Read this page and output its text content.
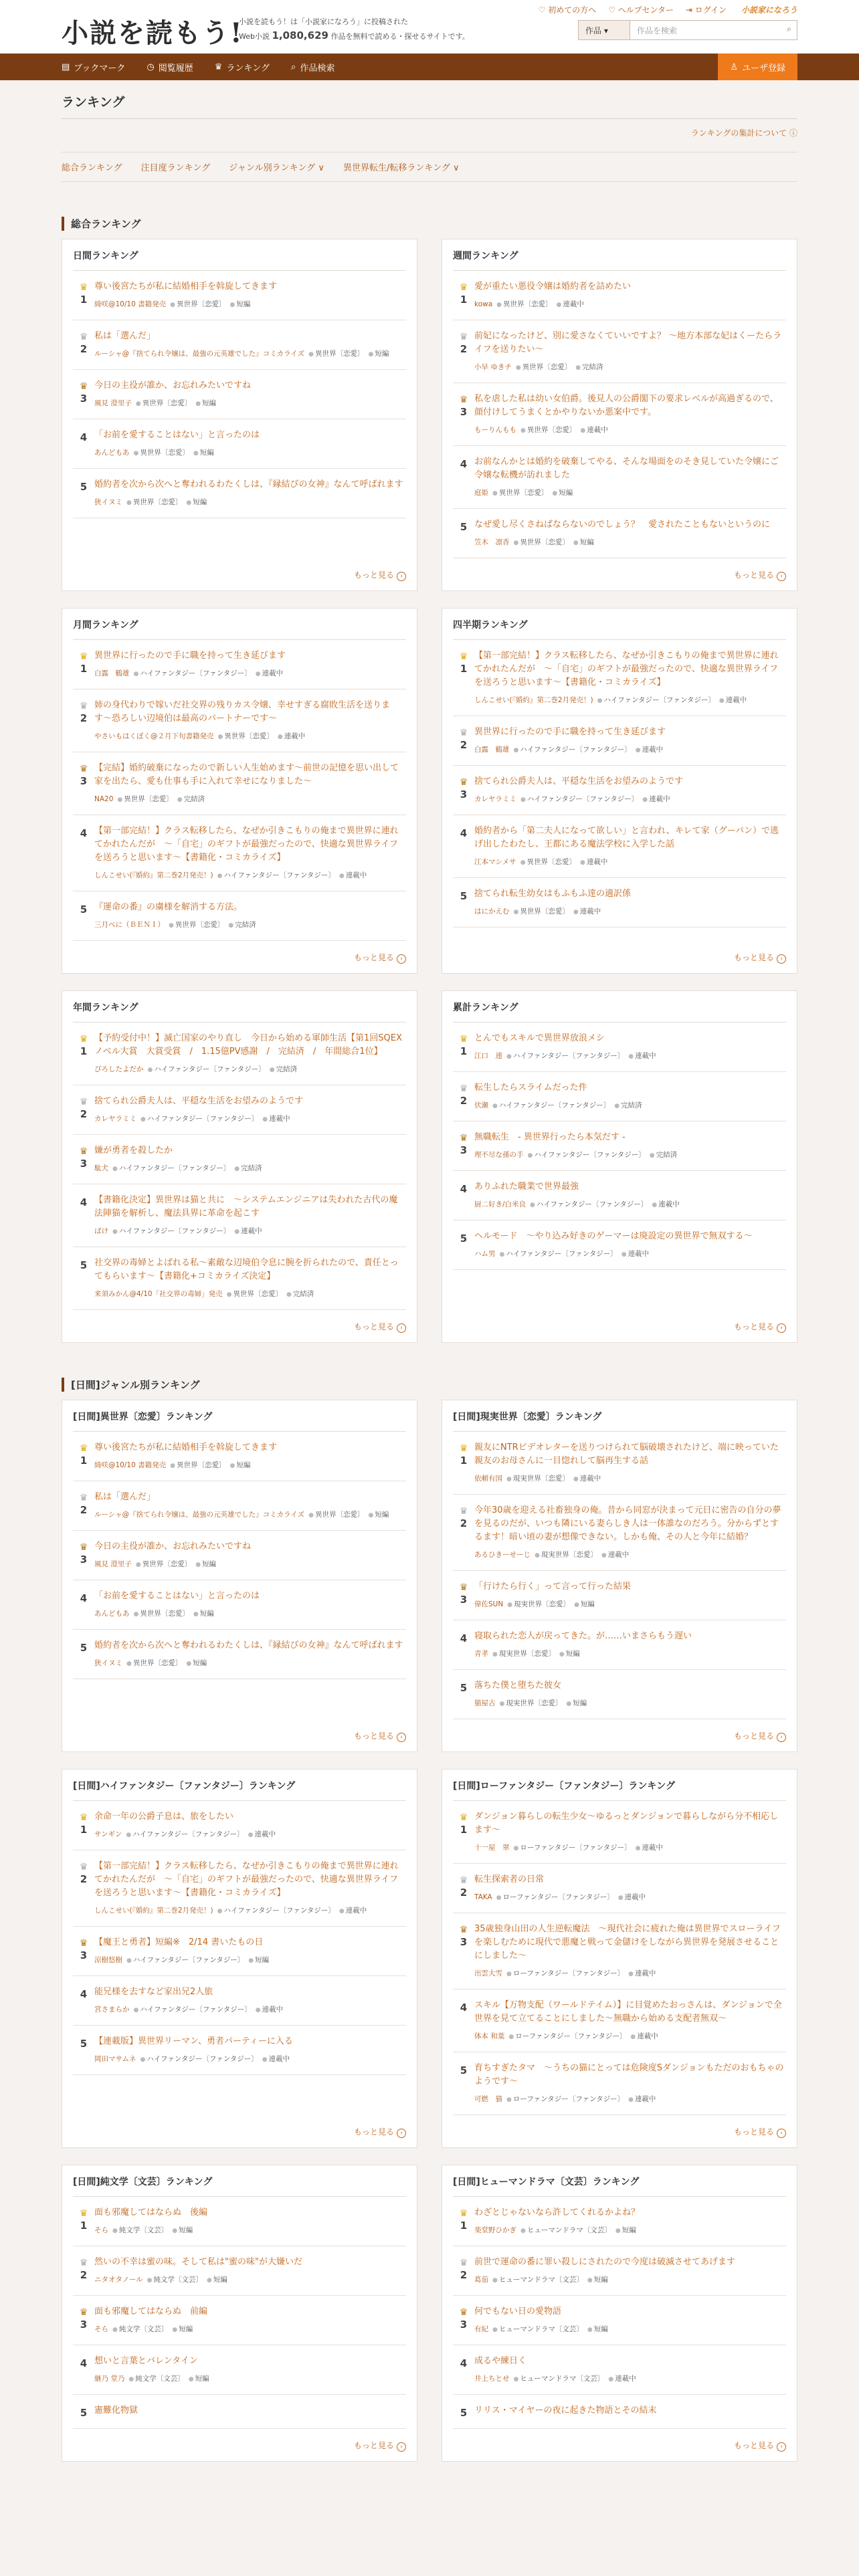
小説を読もう!
小説を読もう！は「小説家になろう」に投稿された
Web小説 1,080,629 作品を無料で読める・探せるサイトです。
♡ 初めての方へ ♡ ヘルプセンター ⇥ ログイン 小説家になろう
作品 ▾	作品を検索	⌕
▤ ブックマーク ◷ 閲覧履歴 ♛ ランキング ⌕ 作品検索	♙ ユーザ登録
ランキング
ランキングの集計について ⓘ
総合ランキング 注目度ランキング ジャンル別ランキング ∨ 異世界転生/転移ランキング ∨
総合ランキング
日間ランキング
♛
1
尊い後宮たちが私に結婚相手を斡旋してきます
綺咲@10/10 書籍発売 ● 異世界〔恋愛〕 ● 短編
♛
2
私は「選んだ」
ルーシャ@『捨てられ令嬢は、最強の元英雄でした』コミカライズ ● 異世界〔恋愛〕 ● 短編
♛
3
今日の主役が誰か、お忘れみたいですね
風見 澄里子 ● 異世界〔恋愛〕 ● 短編
4 「お前を愛することはない」と言ったのは
あんどもあ ● 異世界〔恋愛〕 ● 短編
5 婚約者を次から次へと奪われるわたくしは、『縁結びの女神』なんて呼ばれます
狭イヌミ ● 異世界〔恋愛〕 ● 短編
もっと見る ›
週間ランキング
♛
1
愛が重たい悪役令嬢は婚約者を詰めたい
kowa ● 異世界〔恋愛〕 ● 連載中
♛
2
前妃になったけど、別に愛さなくていいですよ？ 〜地方本部な妃はくーたらライフを送りたい〜
小早 ゆきチ ● 異世界〔恋愛〕 ● 完結済
♛
3
私を虐した私は幼い女伯爵。後見人の公爵閣下の要求レベルが高過ぎるので、顔付けしてうまくとかやりないか悪案中です。
もーりんもも ● 異世界〔恋愛〕 ● 連載中
4 お前なんかとは婚約を破棄してやる、そんな場面をのそき見していた令嬢にご令嬢な転機が訪れました
庭姫 ● 異世界〔恋愛〕 ● 短編
5 なぜ愛し尽くさねばならないのでしょう？　愛されたこともないというのに
笠木　凛香 ● 異世界〔恋愛〕 ● 短編
もっと見る ›
月間ランキング
♛
1
異世界に行ったので手に職を持って生き延びます
白露　鶴雄 ● ハイファンタジー〔ファンタジー〕 ● 連載中
♛
2
姉の身代わりで嫁いだ社交界の残りカス令嬢、幸せすぎる腐敗生活を送ります〜恐ろしい辺境伯は最高のパートナーです〜
やさいもはくぼく@２月下旬書籍発売 ● 異世界〔恋愛〕 ● 連載中
♛
3
【完結】婚約破棄になったので新しい人生始めます〜前世の記憶を思い出して家を出たら、愛も仕事も手に入れて幸せになりました〜
NA20 ● 異世界〔恋愛〕 ● 完結済
4 【第一部完結！】クラス転移したら、なぜか引きこもりの俺まで異世界に連れてかれたんだが　〜「自宅」のギフトが最強だったので、快適な異世界ライフを送ろうと思います〜【書籍化・コミカライズ】
しんこせい(『婚約』第二巻2月発売！) ● ハイファンタジー〔ファンタジー〕 ● 連載中
5 『運命の番』の虜様を解消する方法。
三月べに（ＢＥＮＩ） ● 異世界〔恋愛〕 ● 完結済
もっと見る ›
四半期ランキング
♛
1
【第一部完結！】クラス転移したら、なぜか引きこもりの俺まで異世界に連れてかれたんだが　〜「自宅」のギフトが最強だったので、快適な異世界ライフを送ろうと思います〜【書籍化・コミカライズ】
しんこせい(『婚約』第二巻2月発売！) ● ハイファンタジー〔ファンタジー〕 ● 連載中
♛
2
異世界に行ったので手に職を持って生き延びます
白露　鶴雄 ● ハイファンタジー〔ファンタジー〕 ● 連載中
♛
3
捨てられ公爵夫人は、平穏な生活をお望みのようです
カレヤラミミ ● ハイファンタジー〔ファンタジー〕 ● 連載中
4 婚約者から「第二夫人になって欲しい」と言われ、キレて家（グーパン）で逃げ出したわたし、王都にある魔法学校に入学した話
江本マシメサ ● 異世界〔恋愛〕 ● 連載中
5 捨てられ転生幼女はもふもふ達の適訳係
はにかえむ ● 異世界〔恋愛〕 ● 連載中
もっと見る ›
年間ランキング
♛
1
【予約受付中！】滅亡国家のやり直し　今日から始める軍師生活【第1回SQEXノベル大賞　大賞受賞　/　1.15億PV感謝　/　完結済　/　年間総合1位】
ぴろしたよだか ● ハイファンタジー〔ファンタジー〕 ● 完結済
♛
2
捨てられ公爵夫人は、平穏な生活をお望みのようです
カレヤラミミ ● ハイファンタジー〔ファンタジー〕 ● 連載中
♛
3
嫌が勇者を殺したか
駄犬 ● ハイファンタジー〔ファンタジー〕 ● 完結済
4 【書籍化決定】異世界は猫と共に　〜システムエンジニアは失われた古代の魔法陣猫を解析し、魔法具界に革命を起こす
ぱけ ● ハイファンタジー〔ファンタジー〕 ● 連載中
5 社交界の毒婦とよばれる私〜素敵な辺境伯令息に腕を折られたので、責任とってもらいます〜【書籍化+コミカライズ決定】
来須みかん@4/10「社交界の毒婦」発売 ● 異世界〔恋愛〕 ● 完結済
もっと見る ›
累計ランキング
♛
1
とんでもスキルで異世界放浪メシ
江口　連 ● ハイファンタジー〔ファンタジー〕 ● 連載中
♛
2
転生したらスライムだった件
伏瀬 ● ハイファンタジー〔ファンタジー〕 ● 完結済
♛
3
無職転生　- 異世界行ったら本気だす -
理不尽な孫の手 ● ハイファンタジー〔ファンタジー〕 ● 完結済
4 ありふれた職業で世界最強
厨二好き/白米良 ● ハイファンタジー〔ファンタジー〕 ● 連載中
5 ヘルモード　〜やり込み好きのゲーマーは廃設定の異世界で無双する〜
ハム男 ● ハイファンタジー〔ファンタジー〕 ● 連載中
もっと見る ›
[日間]ジャンル別ランキング
[日間]異世界〔恋愛〕ランキング
♛
1
尊い後宮たちが私に結婚相手を斡旋してきます
綺咲@10/10 書籍発売 ● 異世界〔恋愛〕 ● 短編
♛
2
私は「選んだ」
ルーシャ@『捨てられ令嬢は、最強の元英雄でした』コミカライズ ● 異世界〔恋愛〕 ● 短編
♛
3
今日の主役が誰か、お忘れみたいですね
風見 澄里子 ● 異世界〔恋愛〕 ● 短編
4 「お前を愛することはない」と言ったのは
あんどもあ ● 異世界〔恋愛〕 ● 短編
5 婚約者を次から次へと奪われるわたくしは、『縁結びの女神』なんて呼ばれます
狭イヌミ ● 異世界〔恋愛〕 ● 短編
もっと見る ›
[日間]現実世界〔恋愛〕ランキング
♛
1
親友にNTRビデオレターを送りつけられて脳破壊されたけど、端に映っていた親友のお母さんに一目惚れして脳再生する話
依頼有国 ● 現実世界〔恋愛〕 ● 連載中
♛
2
今年30歳を迎える社畜独身の俺。昔から同窓が決まって元日に密告の自分の夢を見るのだが、いつも隣にいる妻らしき人は一体誰なのだろう。分からずとするます！暗い頃の妻が想像できない。しかも俺、その人と今年に結婚？
あるひきーせーじ ● 現実世界〔恋愛〕 ● 連載中
♛
3
「行けたら行く」って言って行った結果
偉佐SUN ● 現実世界〔恋愛〕 ● 短編
4 寝取られた恋人が戻ってきた。が……いまさらもう遅い
青孝 ● 現実世界〔恋愛〕 ● 短編
5 落ちた僕と堕ちた彼女
猫屋古 ● 現実世界〔恋愛〕 ● 短編
もっと見る ›
[日間]ハイファンタジー〔ファンタジー〕ランキング
♛
1
余命一年の公爵子息は、旅をしたい
サンギン ● ハイファンタジー〔ファンタジー〕 ● 連載中
♛
2
【第一部完結！】クラス転移したら、なぜか引きこもりの俺まで異世界に連れてかれたんだが　〜「自宅」のギフトが最強だったので、快適な異世界ライフを送ろうと思います〜【書籍化・コミカライズ】
しんこせい(『婚約』第二巻2月発売！) ● ハイファンタジー〔ファンタジー〕 ● 連載中
♛
3
【魔王と勇者】短編※　2/14 書いたもの日
涼樹悠樹 ● ハイファンタジー〔ファンタジー〕 ● 短編
4 能兄様を去すなど家出兄2人旅
宮さまらか ● ハイファンタジー〔ファンタジー〕 ● 連載中
5 【連載版】異世界リーマン、勇者パーティーに入る
岡田マサムネ ● ハイファンタジー〔ファンタジー〕 ● 連載中
もっと見る ›
[日間]ローファンタジー〔ファンタジー〕ランキング
♛
1
ダンジョン暮らしの転生少女〜ゆるっとダンジョンで暮らしながら分不相応します〜
十一屋　翠 ● ローファンタジー〔ファンタジー〕 ● 連載中
♛
2
転生探索者の日常
TAKA ● ローファンタジー〔ファンタジー〕 ● 連載中
♛
3
35歳独身山田の人生逆転魔法　〜現代社会に疲れた俺は異世界でスローライフを楽しむために現代で悪魔と戦って金儲けをしながら異世界を発展させることにしました〜
出雲大雪 ● ローファンタジー〔ファンタジー〕 ● 連載中
4 スキル【万物支配（ワールドテイム）】に目覚めたおっさんは、ダンジョンで全世界を見て立てることにしました〜無職から始める支配者無双〜
体本 和葉 ● ローファンタジー〔ファンタジー〕 ● 連載中
5 育ちすぎたタマ　〜うちの猫にとっては危険度Sダンジョンもただのおもちゃのようです〜
可燃　猫 ● ローファンタジー〔ファンタジー〕 ● 連載中
もっと見る ›
[日間]純文学〔文芸〕ランキング
♛
1
面も邪魔してはならぬ　後編
そら ● 純文学〔文芸〕 ● 短編
♛
2
然いの不幸は蜜の味。そして私は"蜜の味"が大嫌いだ
ニタオタノール ● 純文学〔文芸〕 ● 短編
♛
3
面も邪魔してはならぬ　前編
そら ● 純文学〔文芸〕 ● 短編
4 想いと言葉とバレンタイン
継乃 堂乃 ● 純文学〔文芸〕 ● 短編
5 憲難化物獄
もっと見る ›
[日間]ヒューマンドラマ〔文芸〕ランキング
♛
1
わざとじゃないなら許してくれるかよね？
楽堂野ひかぎ ● ヒューマンドラマ〔文芸〕 ● 短編
♛
2
前世で運命の番に罪い殺しにされたので今度は破滅させてあげます
葛茄 ● ヒューマンドラマ〔文芸〕 ● 短編
♛
3
何でもない日の愛物語
有紀 ● ヒューマンドラマ〔文芸〕 ● 短編
4 成るや練日く
井上ちとせ ● ヒューマンドラマ〔文芸〕 ● 連載中
5 リリス・マイヤーの夜に起きた物語とその結末
もっと見る ›
